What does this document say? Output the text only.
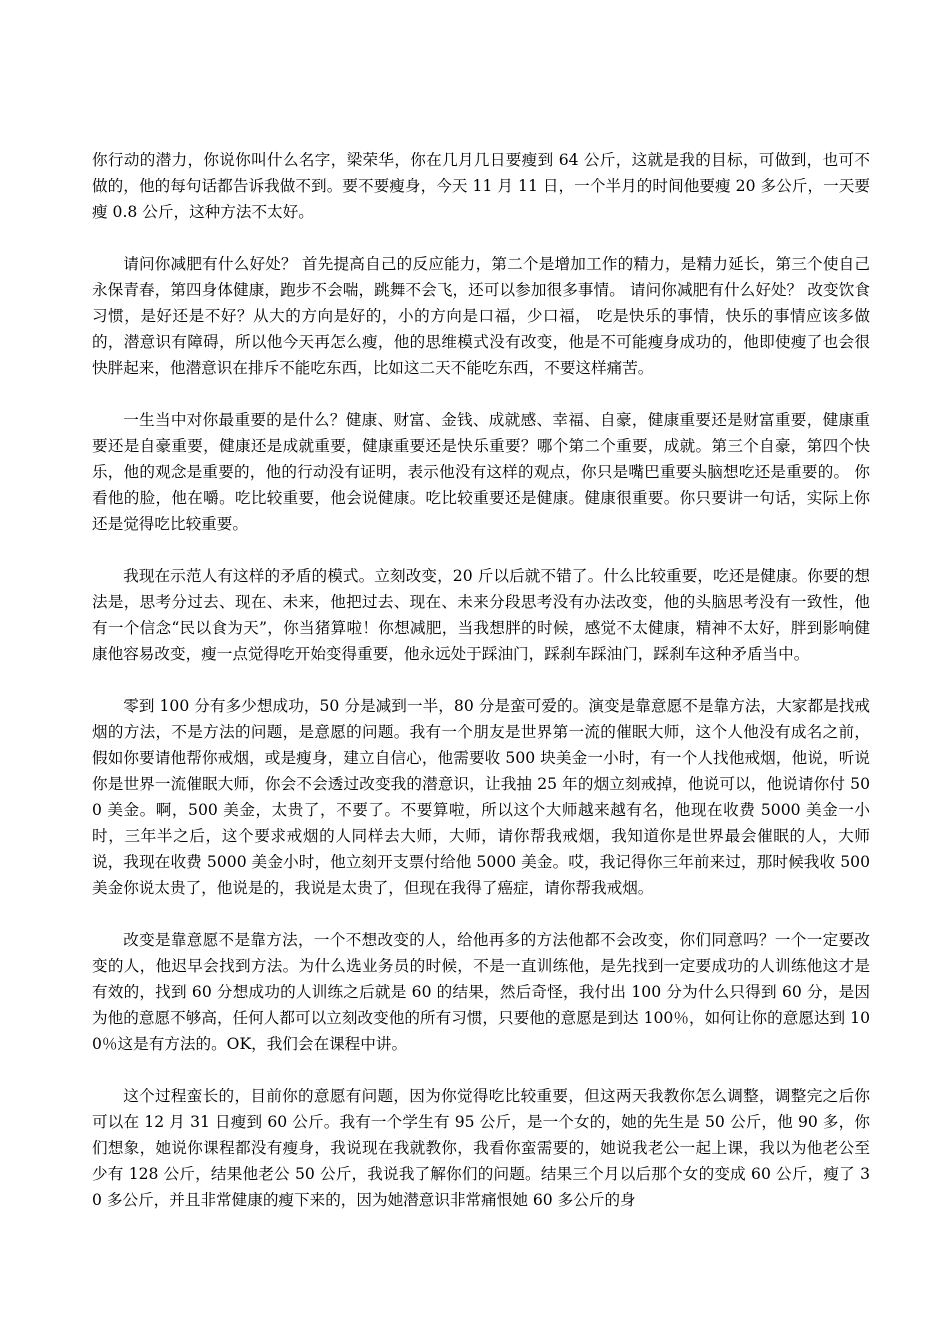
你行动的潜力，你说你叫什么名字，梁荣华，你在几月几日要瘦到 64 公斤，这就是我的目标，可做到，也可不做的，他的每句话都告诉我做不到。要不要瘦身，今天 11 月 11 日，一个半月的时间他要瘦 20 多公斤，一天要瘦 0.8 公斤，这种方法不太好。

请问你减肥有什么好处？ 首先提高自己的反应能力，第二个是增加工作的精力，是精力延长，第三个使自己永保青春，第四身体健康，跑步不会喘，跳舞不会飞，还可以参加很多事情。 请问你减肥有什么好处？ 改变饮食习惯，是好还是不好？从大的方向是好的，小的方向是口福，少口福， 吃是快乐的事情，快乐的事情应该多做的，潜意识有障碍，所以他今天再怎么瘦，他的思维模式没有改变，他是不可能瘦身成功的，他即使瘦了也会很快胖起来，他潜意识在排斥不能吃东西，比如这二天不能吃东西，不要这样痛苦。

一生当中对你最重要的是什么？健康、财富、金钱、成就感、幸福、自豪，健康重要还是财富重要，健康重要还是自豪重要，健康还是成就重要，健康重要还是快乐重要？哪个第二个重要，成就。第三个自豪，第四个快乐，他的观念是重要的，他的行动没有证明，表示他没有这样的观点，你只是嘴巴重要头脑想吃还是重要的。 你看他的脸，他在嚼。吃比较重要，他会说健康。吃比较重要还是健康。健康很重要。你只要讲一句话，实际上你还是觉得吃比较重要。

我现在示范人有这样的矛盾的模式。立刻改变，20 斤以后就不错了。什么比较重要，吃还是健康。你要的想法是，思考分过去、现在、未来，他把过去、现在、未来分段思考没有办法改变，他的头脑思考没有一致性，他有一个信念“民以食为天”，你当猪算啦！你想减肥，当我想胖的时候，感觉不太健康，精神不太好，胖到影响健康他容易改变，瘦一点觉得吃开始变得重要，他永远处于踩油门，踩刹车踩油门，踩刹车这种矛盾当中。

零到 100 分有多少想成功，50 分是减到一半，80 分是蛮可爱的。演变是靠意愿不是靠方法，大家都是找戒烟的方法，不是方法的问题，是意愿的问题。我有一个朋友是世界第一流的催眠大师，这个人他没有成名之前，假如你要请他帮你戒烟，或是瘦身，建立自信心，他需要收 500 块美金一小时，有一个人找他戒烟，他说，听说你是世界一流催眠大师，你会不会透过改变我的潜意识，让我抽 25 年的烟立刻戒掉，他说可以，他说请你付 500 美金。啊，500 美金，太贵了，不要了。不要算啦，所以这个大师越来越有名，他现在收费 5000 美金一小时，三年半之后，这个要求戒烟的人同样去大师，大师，请你帮我戒烟，我知道你是世界最会催眠的人，大师说，我现在收费 5000 美金小时，他立刻开支票付给他 5000 美金。哎，我记得你三年前来过，那时候我收 500 美金你说太贵了，他说是的，我说是太贵了，但现在我得了癌症，请你帮我戒烟。

改变是靠意愿不是靠方法，一个不想改变的人，给他再多的方法他都不会改变，你们同意吗？一个一定要改变的人，他迟早会找到方法。为什么选业务员的时候，不是一直训练他，是先找到一定要成功的人训练他这才是有效的，找到 60 分想成功的人训练之后就是 60 的结果，然后奇怪，我付出 100 分为什么只得到 60 分，是因为他的意愿不够高，任何人都可以立刻改变他的所有习惯，只要他的意愿是到达 100％，如何让你的意愿达到 100％这是有方法的。OK，我们会在课程中讲。

这个过程蛮长的，目前你的意愿有问题，因为你觉得吃比较重要，但这两天我教你怎么调整，调整完之后你可以在 12 月 31 日瘦到 60 公斤。我有一个学生有 95 公斤，是一个女的，她的先生是 50 公斤，他 90 多，你们想象，她说你课程都没有瘦身，我说现在我就教你，我看你蛮需要的，她说我老公一起上课，我以为他老公至少有 128 公斤，结果他老公 50 公斤，我说我了解你们的问题。结果三个月以后那个女的变成 60 公斤，瘦了 30 多公斤，并且非常健康的瘦下来的，因为她潜意识非常痛恨她 60 多公斤的身
